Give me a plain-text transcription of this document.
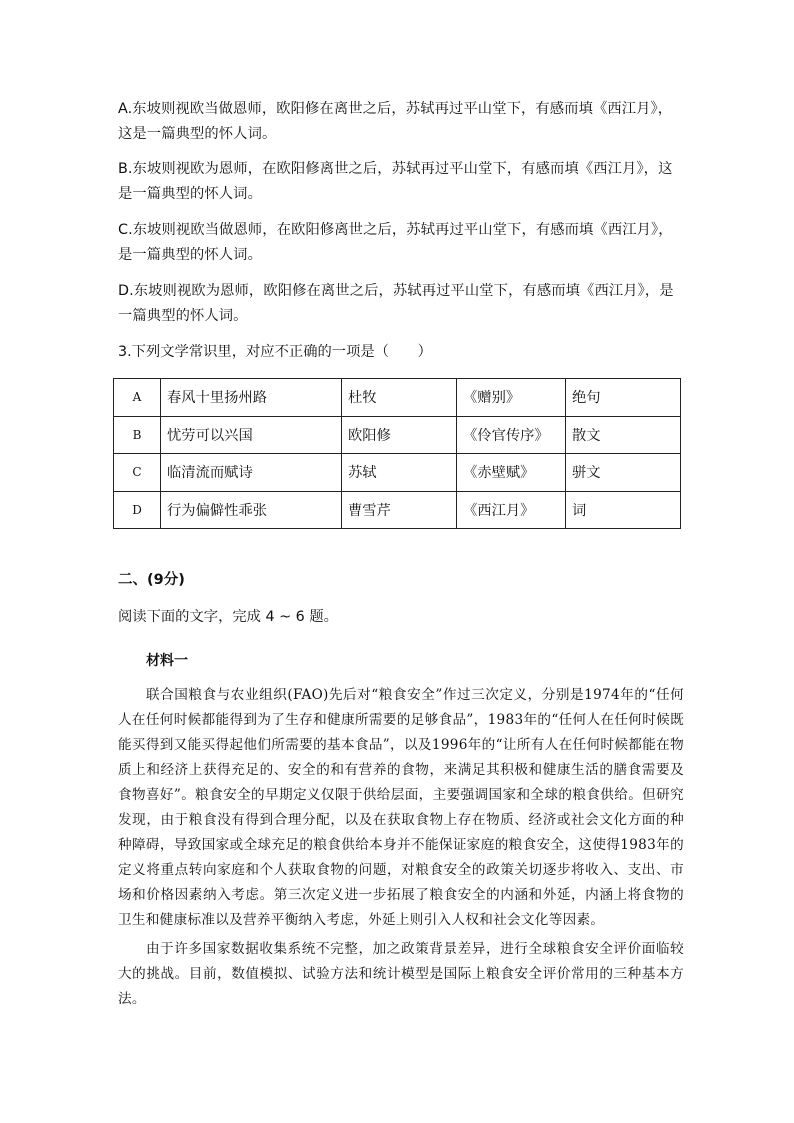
A.东坡则视欧当做恩师，欧阳修在离世之后，苏轼再过平山堂下，有感而填《西江月》，这是一篇典型的怀人词。
B.东坡则视欧为恩师，在欧阳修离世之后，苏轼再过平山堂下，有感而填《西江月》，这是一篇典型的怀人词。
C.东坡则视欧当做恩师，在欧阳修离世之后，苏轼再过平山堂下，有感而填《西江月》，是一篇典型的怀人词。
D.东坡则视欧为恩师，欧阳修在离世之后，苏轼再过平山堂下，有感而填《西江月》，是一篇典型的怀人词。
3.下列文学常识里，对应不正确的一项是（　　）
A	春风十里扬州路	杜牧	《赠别》	绝句
B	忧劳可以兴国	欧阳修	《伶官传序》	散文
C	临清流而赋诗	苏轼	《赤壁赋》	骈文
D	行为偏僻性乖张	曹雪芹	《西江月》	词
二、(9分)
阅读下面的文字，完成 4 ~ 6 题。
材料一
联合国粮食与农业组织(FAO)先后对“粮食安全”作过三次定义，分别是1974年的“任何人在任何时候都能得到为了生存和健康所需要的足够食品”，1983年的“任何人在任何时候既能买得到又能买得起他们所需要的基本食品”，以及1996年的“让所有人在任何时候都能在物质上和经济上获得充足的、安全的和有营养的食物，来满足其积极和健康生活的膳食需要及食物喜好”。粮食安全的早期定义仅限于供给层面，主要强调国家和全球的粮食供给。但研究发现，由于粮食没有得到合理分配，以及在获取食物上存在物质、经济或社会文化方面的种种障碍，导致国家或全球充足的粮食供给本身并不能保证家庭的粮食安全，这使得1983年的定义将重点转向家庭和个人获取食物的问题，对粮食安全的政策关切逐步将收入、支出、市场和价格因素纳入考虑。第三次定义进一步拓展了粮食安全的内涵和外延，内涵上将食物的卫生和健康标准以及营养平衡纳入考虑，外延上则引入人权和社会文化等因素。
由于许多国家数据收集系统不完整，加之政策背景差异，进行全球粮食安全评价面临较大的挑战。目前，数值模拟、试验方法和统计模型是国际上粮食安全评价常用的三种基本方法。
